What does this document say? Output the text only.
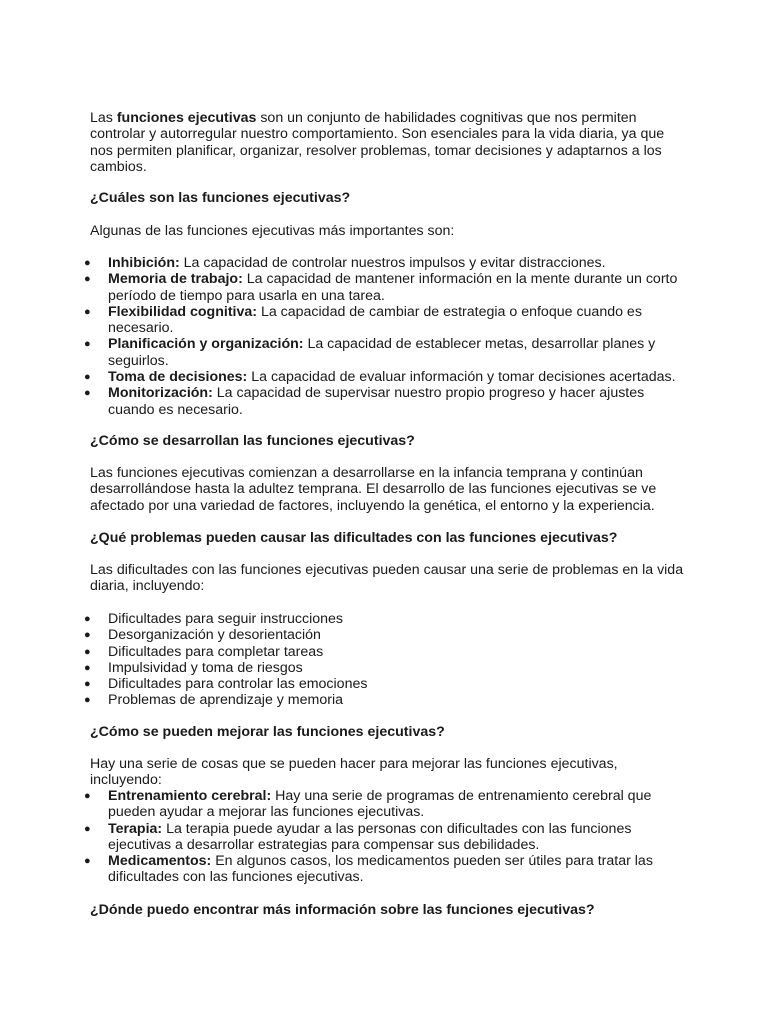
Las funciones ejecutivas son un conjunto de habilidades cognitivas que nos permiten controlar y autorregular nuestro comportamiento. Son esenciales para la vida diaria, ya que nos permiten planificar, organizar, resolver problemas, tomar decisiones y adaptarnos a los cambios.

¿Cuáles son las funciones ejecutivas?

Algunas de las funciones ejecutivas más importantes son:

● Inhibición: La capacidad de controlar nuestros impulsos y evitar distracciones.
● Memoria de trabajo: La capacidad de mantener información en la mente durante un corto período de tiempo para usarla en una tarea.
● Flexibilidad cognitiva: La capacidad de cambiar de estrategia o enfoque cuando es necesario.
● Planificación y organización: La capacidad de establecer metas, desarrollar planes y seguirlos.
● Toma de decisiones: La capacidad de evaluar información y tomar decisiones acertadas.
● Monitorización: La capacidad de supervisar nuestro propio progreso y hacer ajustes cuando es necesario.
¿Cómo se desarrollan las funciones ejecutivas?

Las funciones ejecutivas comienzan a desarrollarse en la infancia temprana y continúan desarrollándose hasta la adultez temprana. El desarrollo de las funciones ejecutivas se ve afectado por una variedad de factores, incluyendo la genética, el entorno y la experiencia.

¿Qué problemas pueden causar las dificultades con las funciones ejecutivas?

Las dificultades con las funciones ejecutivas pueden causar una serie de problemas en la vida diaria, incluyendo:

● Dificultades para seguir instrucciones
● Desorganización y desorientación
● Dificultades para completar tareas
● Impulsividad y toma de riesgos
● Dificultades para controlar las emociones
● Problemas de aprendizaje y memoria
¿Cómo se pueden mejorar las funciones ejecutivas?

Hay una serie de cosas que se pueden hacer para mejorar las funciones ejecutivas, incluyendo:

● Entrenamiento cerebral: Hay una serie de programas de entrenamiento cerebral que pueden ayudar a mejorar las funciones ejecutivas.
● Terapia: La terapia puede ayudar a las personas con dificultades con las funciones ejecutivas a desarrollar estrategias para compensar sus debilidades.
● Medicamentos: En algunos casos, los medicamentos pueden ser útiles para tratar las dificultades con las funciones ejecutivas.
¿Dónde puedo encontrar más información sobre las funciones ejecutivas?
